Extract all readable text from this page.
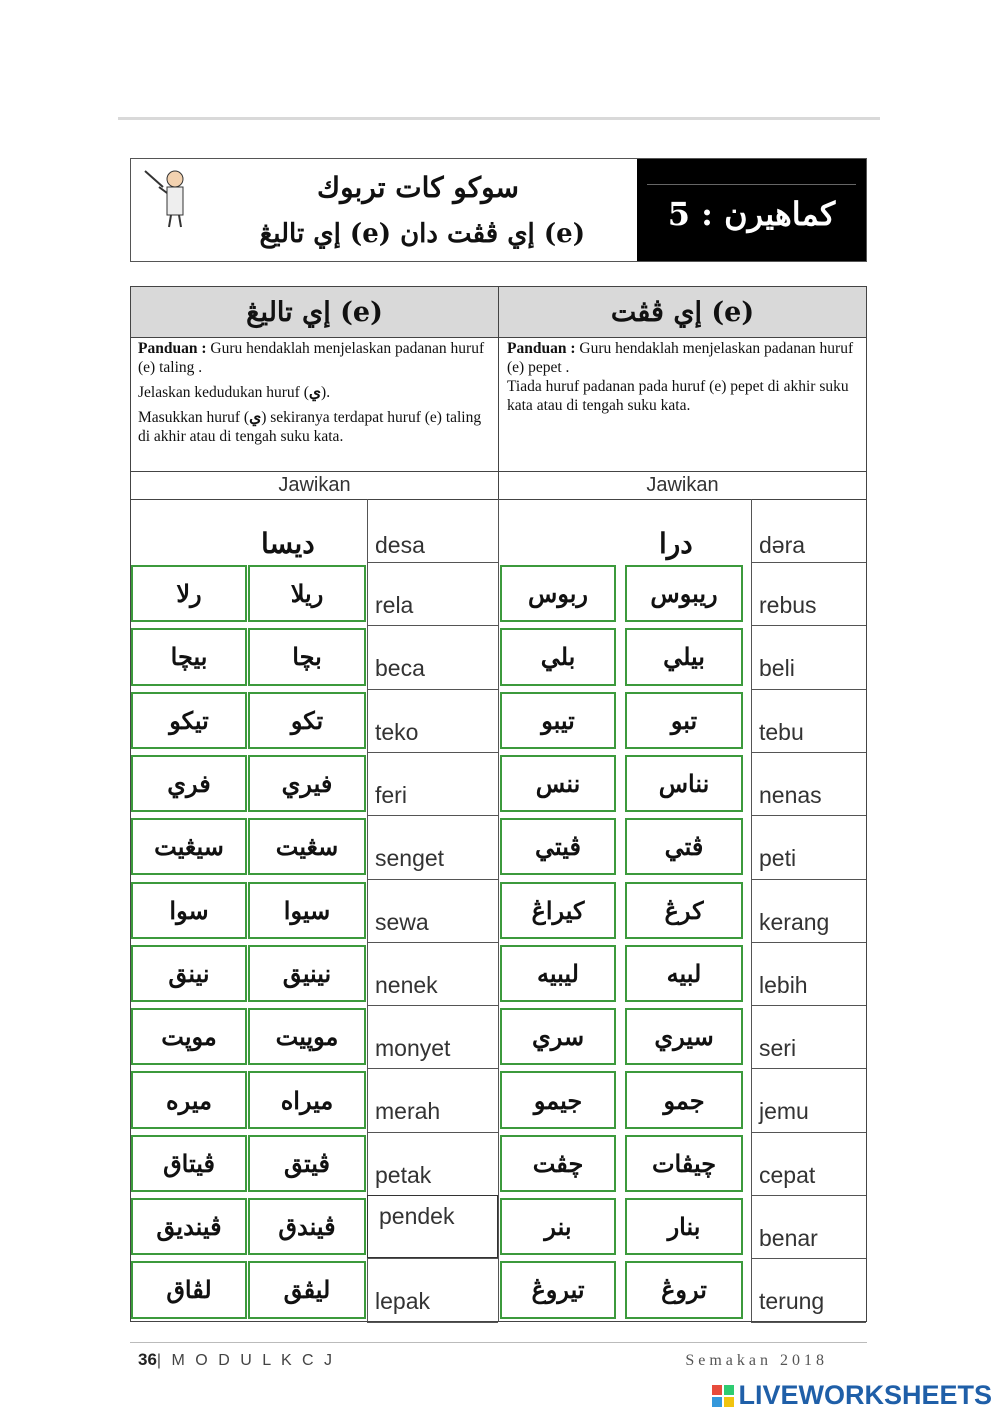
سوكو كات تربوك
(e) إي ڤڤت دان (e) إي تاليڠ
كماهيرن : 5
(e) إي تاليڠ	(e) إي ڤڤت

Panduan : Guru hendaklah menjelaskan padanan huruf (e) taling .

Jelaskan kedudukan huruf (ي).

Masukkan huruf (ي) sekiranya terdapat huruf (e) taling di akhir atau di tengah suku kata.

Panduan : Guru hendaklah menjelaskan padanan huruf (e) pepet .
Tiada huruf padanan pada huruf (e) pepet di akhir suku kata atau di tengah suku kata.

Jawikan	Jawikan
ديسا	desa
رلا	ريلا	rela
بيچا	بچا	beca
تيكو	تكو	teko
فري	فيري	feri
سيڠيت	سڠيت	senget
سوا	سيوا	sewa
نينق	نينيق	nenek
موڽت	موڽيت	monyet
ميره	ميراه	merah
ڤيتاق	ڤيتق	petak
ڤينديق	ڤيندق	pendek
لڤاق	ليڤق	lepak
درا	dǝra
ربوس	ريبوس	rebus
بلي	بيلي	beli
تيبو	تبو	tebu
ننس	نناس	nenas
ڤيتي	ڤتي	peti
كيراڠ	كرڠ	kerang
ليبيه	لبيه	lebih
سري	سيري	seri
جيمو	جمو	jemu
چڤت	چيڤات	cepat
بنر	بنار	benar
تيروڠ	تروڠ	terung
36| M O D U L K C J	Semakan 2018
LIVEWORKSHEETS
